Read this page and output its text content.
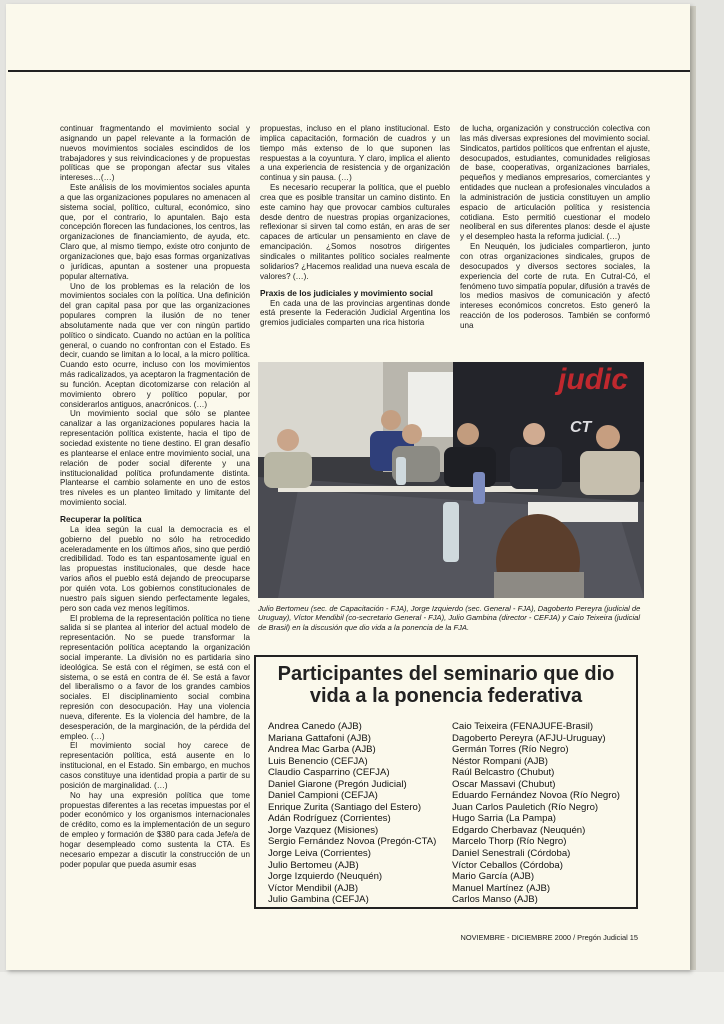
continuar fragmentando el movimiento social y asignando un papel relevante a la formación de nuevos movimientos sociales escindidos de los trabajadores y sus reivindicaciones y de propuestas políticas que se propongan afectar sus vitales intereses…(…)

Este análisis de los movimientos sociales apunta a que las organizaciones populares no amenacen al sistema social, político, cultural, económico, sino que, por el contrario, lo apuntalen. Bajo esta concepción florecen las fundaciones, los centros, las organizaciones de financiamiento, de ayuda, etc. Claro que, al mismo tiempo, existe otro conjunto de organizaciones que, bajo esas formas organizativas o jurídicas, apuntan a sostener una propuesta popular alternativa.

Uno de los problemas es la relación de los movimientos sociales con la política. Una definición del gran capital pasa por que las organizaciones populares compren la ilusión de no tener absolutamente nada que ver con ningún partido político o sindicato. Cuando no actúan en la política general, o cuando no confrontan con el Estado. Es decir, cuando se limitan a lo local, a la micro política. Cuando esto ocurre, incluso con los movimientos más radicalizados, ya aceptaron la fragmentación de su función. Aceptan dicotomizarse con relación al movimiento obrero y político popular, por considerarlos antiguos, anacrónicos. (…)

Un movimiento social que sólo se plantee canalizar a las organizaciones populares hacia la representación política existente, hacia el tipo de sociedad existente no tiene destino. El gran desafío es plantearse el enlace entre movimiento social, una relación de poder social diferente y una institucionalidad política profundamente distinta. Plantearse el cambio solamente en uno de estos tres niveles es un planteo limitado y limitante del movimiento social.

Recuperar la política

La idea según la cual la democracia es el gobierno del pueblo no sólo ha retrocedido aceleradamente en los últimos años, sino que perdió credibilidad. Todo es tan espantosamente igual en las propuestas institucionales, que desde hace varios años el pueblo está dejando de preocuparse por quién vota. Los gobiernos constitucionales de nuestro país siguen siendo perfectamente legales, pero son cada vez menos legítimos.

El problema de la representación política no tiene salida si se plantea al interior del actual modelo de representación. No se puede transformar la representación política aceptando la organización social imperante. La división no es partidaria sino ideológica. Se está con el régimen, se está con el sistema, o se está en contra de él. Se está a favor del liberalismo o a favor de los grandes cambios sociales. El disciplinamiento social combina represión con desocupación. Hay una violencia nueva, diferente. Es la violencia del hambre, de la desesperación, de la marginación, de la pérdida del empleo. (…)

El movimiento social hoy carece de representación política, está ausente en lo institucional, en el Estado. Sin embargo, en muchos casos constituye una identidad propia a partir de su posición de marginalidad. (…)

No hay una expresión política que tome propuestas diferentes a las recetas impuestas por el poder económico y los organismos internacionales de crédito, como es la implementación de un seguro de empleo y formación de $380 para cada Jefe/a de hogar desempleado como sustenta la CTA. Es necesario empezar a discutir la construcción de un poder popular que pueda asumir esas

propuestas, incluso en el plano institucional. Esto implica capacitación, formación de cuadros y un tiempo más extenso de lo que suponen las respuestas a la coyuntura. Y claro, implica el aliento a una experiencia de resistencia y de organización continua y sin pausa. (…)

Es necesario recuperar la política, que el pueblo crea que es posible transitar un camino distinto. En este camino hay que provocar cambios culturales desde dentro de nuestras propias organizaciones, reflexionar si sirven tal como están, en aras de ser capaces de articular un pensamiento en clave de emancipación. ¿Somos nosotros dirigentes sindicales o militantes político sociales realmente solidarios? ¿Hacemos realidad una nueva escala de valores? (…).

Praxis de los judiciales y movimiento social

En cada una de las provincias argentinas donde está presente la Federación Judicial Argentina los gremios judiciales comparten una rica historia

de lucha, organización y construcción colectiva con las más diversas expresiones del movimiento social. Sindicatos, partidos políticos que enfrentan el ajuste, desocupados, estudiantes, comunidades religiosas de base, cooperativas, organizaciones barriales, pequeños y medianos empresarios, comerciantes y entidades que nuclean a profesionales vinculados a la administración de justicia constituyen un amplio espacio de articulación política y resistencia cotidiana. Esto permitió cuestionar el modelo neoliberal en sus diferentes planos: desde el ajuste y el desempleo hasta la reforma judicial. (…)

En Neuquén, los judiciales compartieron, junto con otras organizaciones sindicales, grupos de desocupados y diversos sectores sociales, la experiencia del corte de ruta. En Cutral-Có, el fenómeno tuvo simpatía popular, difusión a través de los medios masivos de comunicación y afectó intereses económicos concretos. Esto generó la reacción de los poderosos. También se conformó una

judic
CT

Julio Bertomeu (sec. de Capacitación - FJA), Jorge Izquierdo (sec. General - FJA), Dagoberto Pereyra (judicial de Uruguay), Víctor Mendibil (co-secretario General - FJA), Julio Gambina (director - CEFJA) y Caio Teixeira (judicial de Brasil) en la discusión que dio vida a la ponencia de la FJA.

Participantes del seminario que dio
vida a la ponencia federativa
Andrea Canedo (AJB)
Mariana Gattafoni (AJB)
Andrea Mac Garba (AJB)
Luis Benencio (CEFJA)
Claudio Casparrino (CEFJA)
Daniel Giarone (Pregón Judicial)
Daniel Campioni (CEFJA)
Enrique Zurita (Santiago del Estero)
Adán Rodríguez (Corrientes)
Jorge Vazquez (Misiones)
Sergio Fernández Novoa (Pregón-CTA)
Jorge Leiva (Corrientes)
Julio Bertomeu (AJB)
Jorge Izquierdo (Neuquén)
Víctor Mendibil (AJB)
Julio Gambina (CEFJA)
Caio Teixeira (FENAJUFE-Brasil)
Dagoberto Pereyra (AFJU-Uruguay)
Germán Torres (Río Negro)
Néstor Rompani (AJB)
Raúl Belcastro (Chubut)
Oscar Massavi (Chubut)
Eduardo Fernández Novoa (Río Negro)
Juan Carlos Pauletich (Río Negro)
Hugo Sarria (La Pampa)
Edgardo Cherbavaz (Neuquén)
Marcelo Thorp (Río Negro)
Daniel Senestrali (Córdoba)
Víctor Ceballos (Córdoba)
Mario García (AJB)
Manuel Martínez (AJB)
Carlos Manso (AJB)
NOVIEMBRE - DICIEMBRE 2000 / Pregón Judicial 15
